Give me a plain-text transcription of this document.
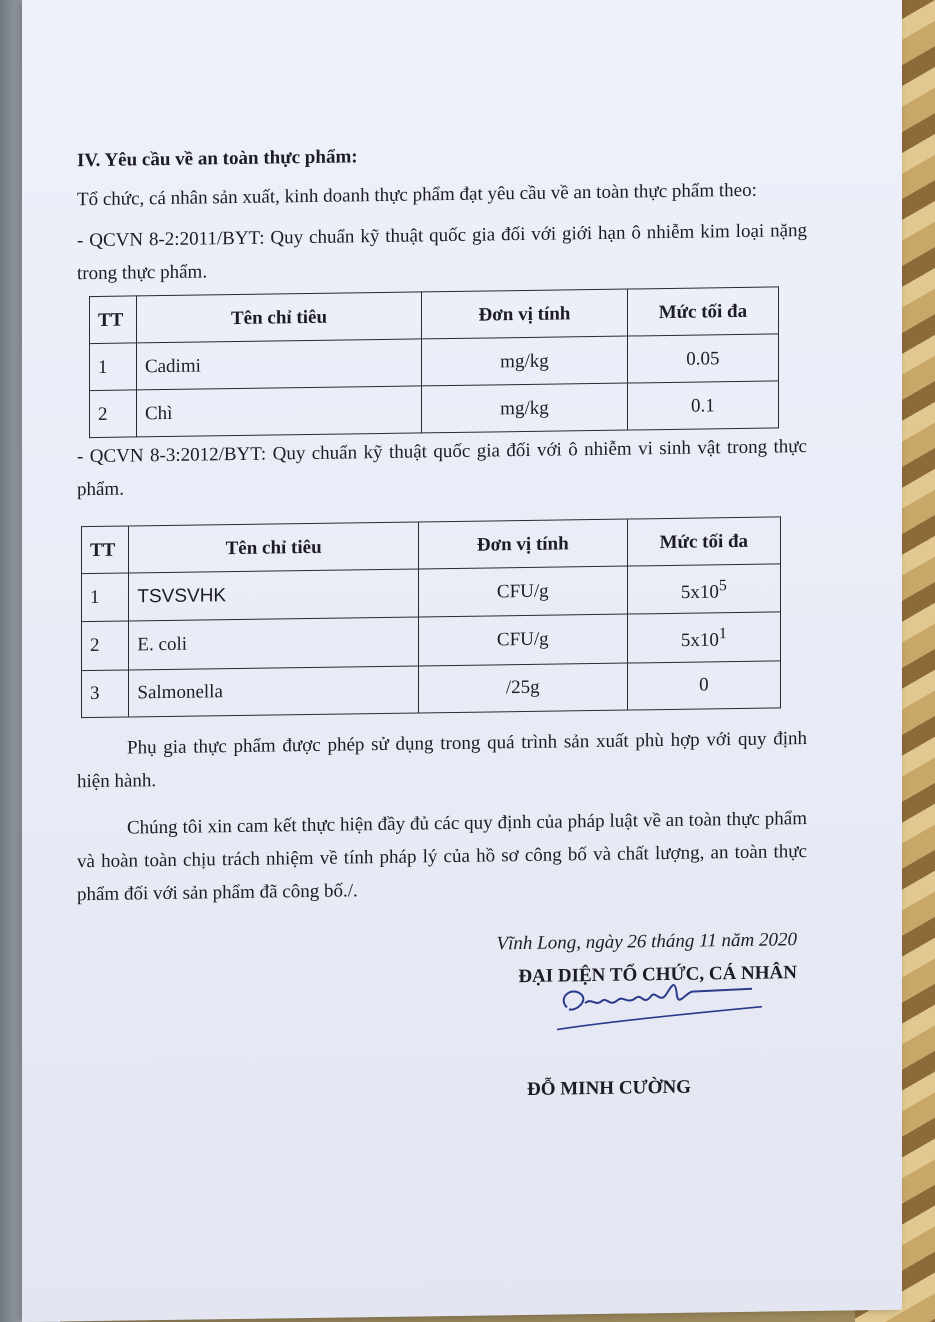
IV. Yêu cầu về an toàn thực phẩm:

Tổ chức, cá nhân sản xuất, kinh doanh thực phẩm đạt yêu cầu về an toàn thực phẩm theo:

- QCVN 8-2:2011/BYT: Quy chuẩn kỹ thuật quốc gia đối với giới hạn ô nhiễm kim loại nặng trong thực phẩm.

TT	Tên chỉ tiêu	Đơn vị tính	Mức tối đa
1	Cadimi	mg/kg	0.05
2	Chì	mg/kg	0.1

- QCVN 8-3:2012/BYT: Quy chuẩn kỹ thuật quốc gia đối với ô nhiễm vi sinh vật trong thực phẩm.

TT	Tên chỉ tiêu	Đơn vị tính	Mức tối đa
1	TSVSVHK	CFU/g	$5x10^5$
2	E. coli	CFU/g	$5x10^1$
3	Salmonella	/25g	0

Phụ gia thực phẩm được phép sử dụng trong quá trình sản xuất phù hợp với quy định hiện hành.

Chúng tôi xin cam kết thực hiện đầy đủ các quy định của pháp luật về an toàn thực phẩm và hoàn toàn chịu trách nhiệm về tính pháp lý của hồ sơ công bố và chất lượng, an toàn thực phẩm đối với sản phẩm đã công bố./.

Vĩnh Long, ngày 26 tháng 11 năm 2020

ĐẠI DIỆN TỔ CHỨC, CÁ NHÂN

ĐỖ MINH CƯỜNG
